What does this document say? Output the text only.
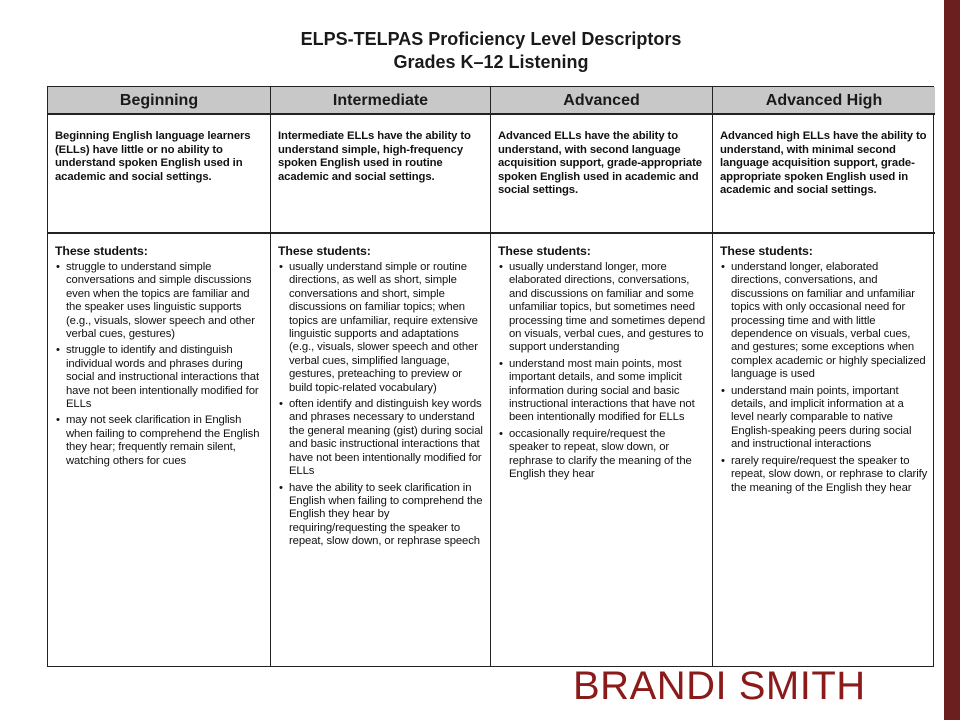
ELPS-TELPAS Proficiency Level Descriptors
Grades K–12 Listening
Beginning
Beginning English language learners (ELLs) have little or no ability to understand spoken English used in academic and social settings.
These students:
• struggle to understand simple conversations and simple discussions even when the topics are familiar and the speaker uses linguistic supports (e.g., visuals, slower speech and other verbal cues, gestures)
• struggle to identify and distinguish individual words and phrases during social and instructional interactions that have not been intentionally modified for ELLs
• may not seek clarification in English when failing to comprehend the English they hear; frequently remain silent, watching others for cues
Intermediate
Intermediate ELLs have the ability to understand simple, high-frequency spoken English used in routine academic and social settings.
These students:
• usually understand simple or routine directions, as well as short, simple conversations and short, simple discussions on familiar topics; when topics are unfamiliar, require extensive linguistic supports and adaptations (e.g., visuals, slower speech and other verbal cues, simplified language, gestures, preteaching to preview or build topic-related vocabulary)
• often identify and distinguish key words and phrases necessary to understand the general meaning (gist) during social and basic instructional interactions that have not been intentionally modified for ELLs
• have the ability to seek clarification in English when failing to comprehend the English they hear by requiring/requesting the speaker to repeat, slow down, or rephrase speech
Advanced
Advanced ELLs have the ability to understand, with second language acquisition support, grade-appropriate spoken English used in academic and social settings.
These students:
• usually understand longer, more elaborated directions, conversations, and discussions on familiar and some unfamiliar topics, but sometimes need processing time and sometimes depend on visuals, verbal cues, and gestures to support understanding
• understand most main points, most important details, and some implicit information during social and basic instructional interactions that have not been intentionally modified for ELLs
• occasionally require/request the speaker to repeat, slow down, or rephrase to clarify the meaning of the English they hear
Advanced High
Advanced high ELLs have the ability to understand, with minimal second language acquisition support, grade-appropriate spoken English used in academic and social settings.
These students:
• understand longer, elaborated directions, conversations, and discussions on familiar and unfamiliar topics with only occasional need for processing time and with little dependence on visuals, verbal cues, and gestures; some exceptions when complex academic or highly specialized language is used
• understand main points, important details, and implicit information at a level nearly comparable to native English-speaking peers during social and instructional interactions
• rarely require/request the speaker to repeat, slow down, or rephrase to clarify the meaning of the English they hear
BRANDI SMITH
